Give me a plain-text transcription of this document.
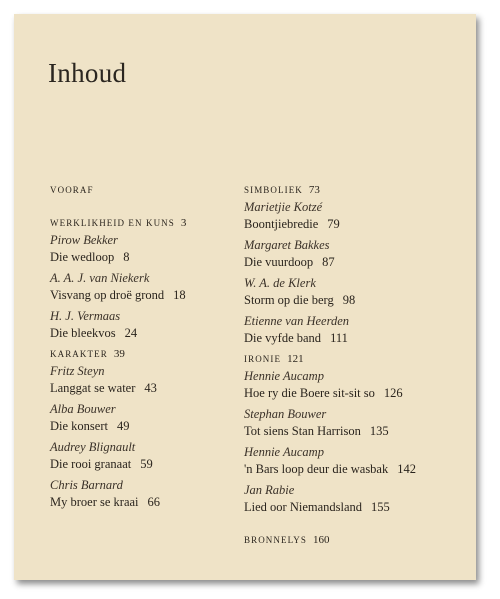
Inhoud
VOORAF
WERKLIKHEID EN KUNS 3
Pirow Bekker
Die wedloop 8
A. A. J. van Niekerk
Visvang op droë grond 18
H. J. Vermaas
Die bleekvos 24
KARAKTER 39
Fritz Steyn
Langgat se water 43
Alba Bouwer
Die konsert 49
Audrey Blignault
Die rooi granaat 59
Chris Barnard
My broer se kraai 66
SIMBOLIEK 73
Marietjie Kotzé
Boontjiebredie 79
Margaret Bakkes
Die vuurdoop 87
W. A. de Klerk
Storm op die berg 98
Etienne van Heerden
Die vyfde band 111
IRONIE 121
Hennie Aucamp
Hoe ry die Boere sit-sit so 126
Stephan Bouwer
Tot siens Stan Harrison 135
Hennie Aucamp
'n Bars loop deur die wasbak 142
Jan Rabie
Lied oor Niemandsland 155
BRONNELYS 160
